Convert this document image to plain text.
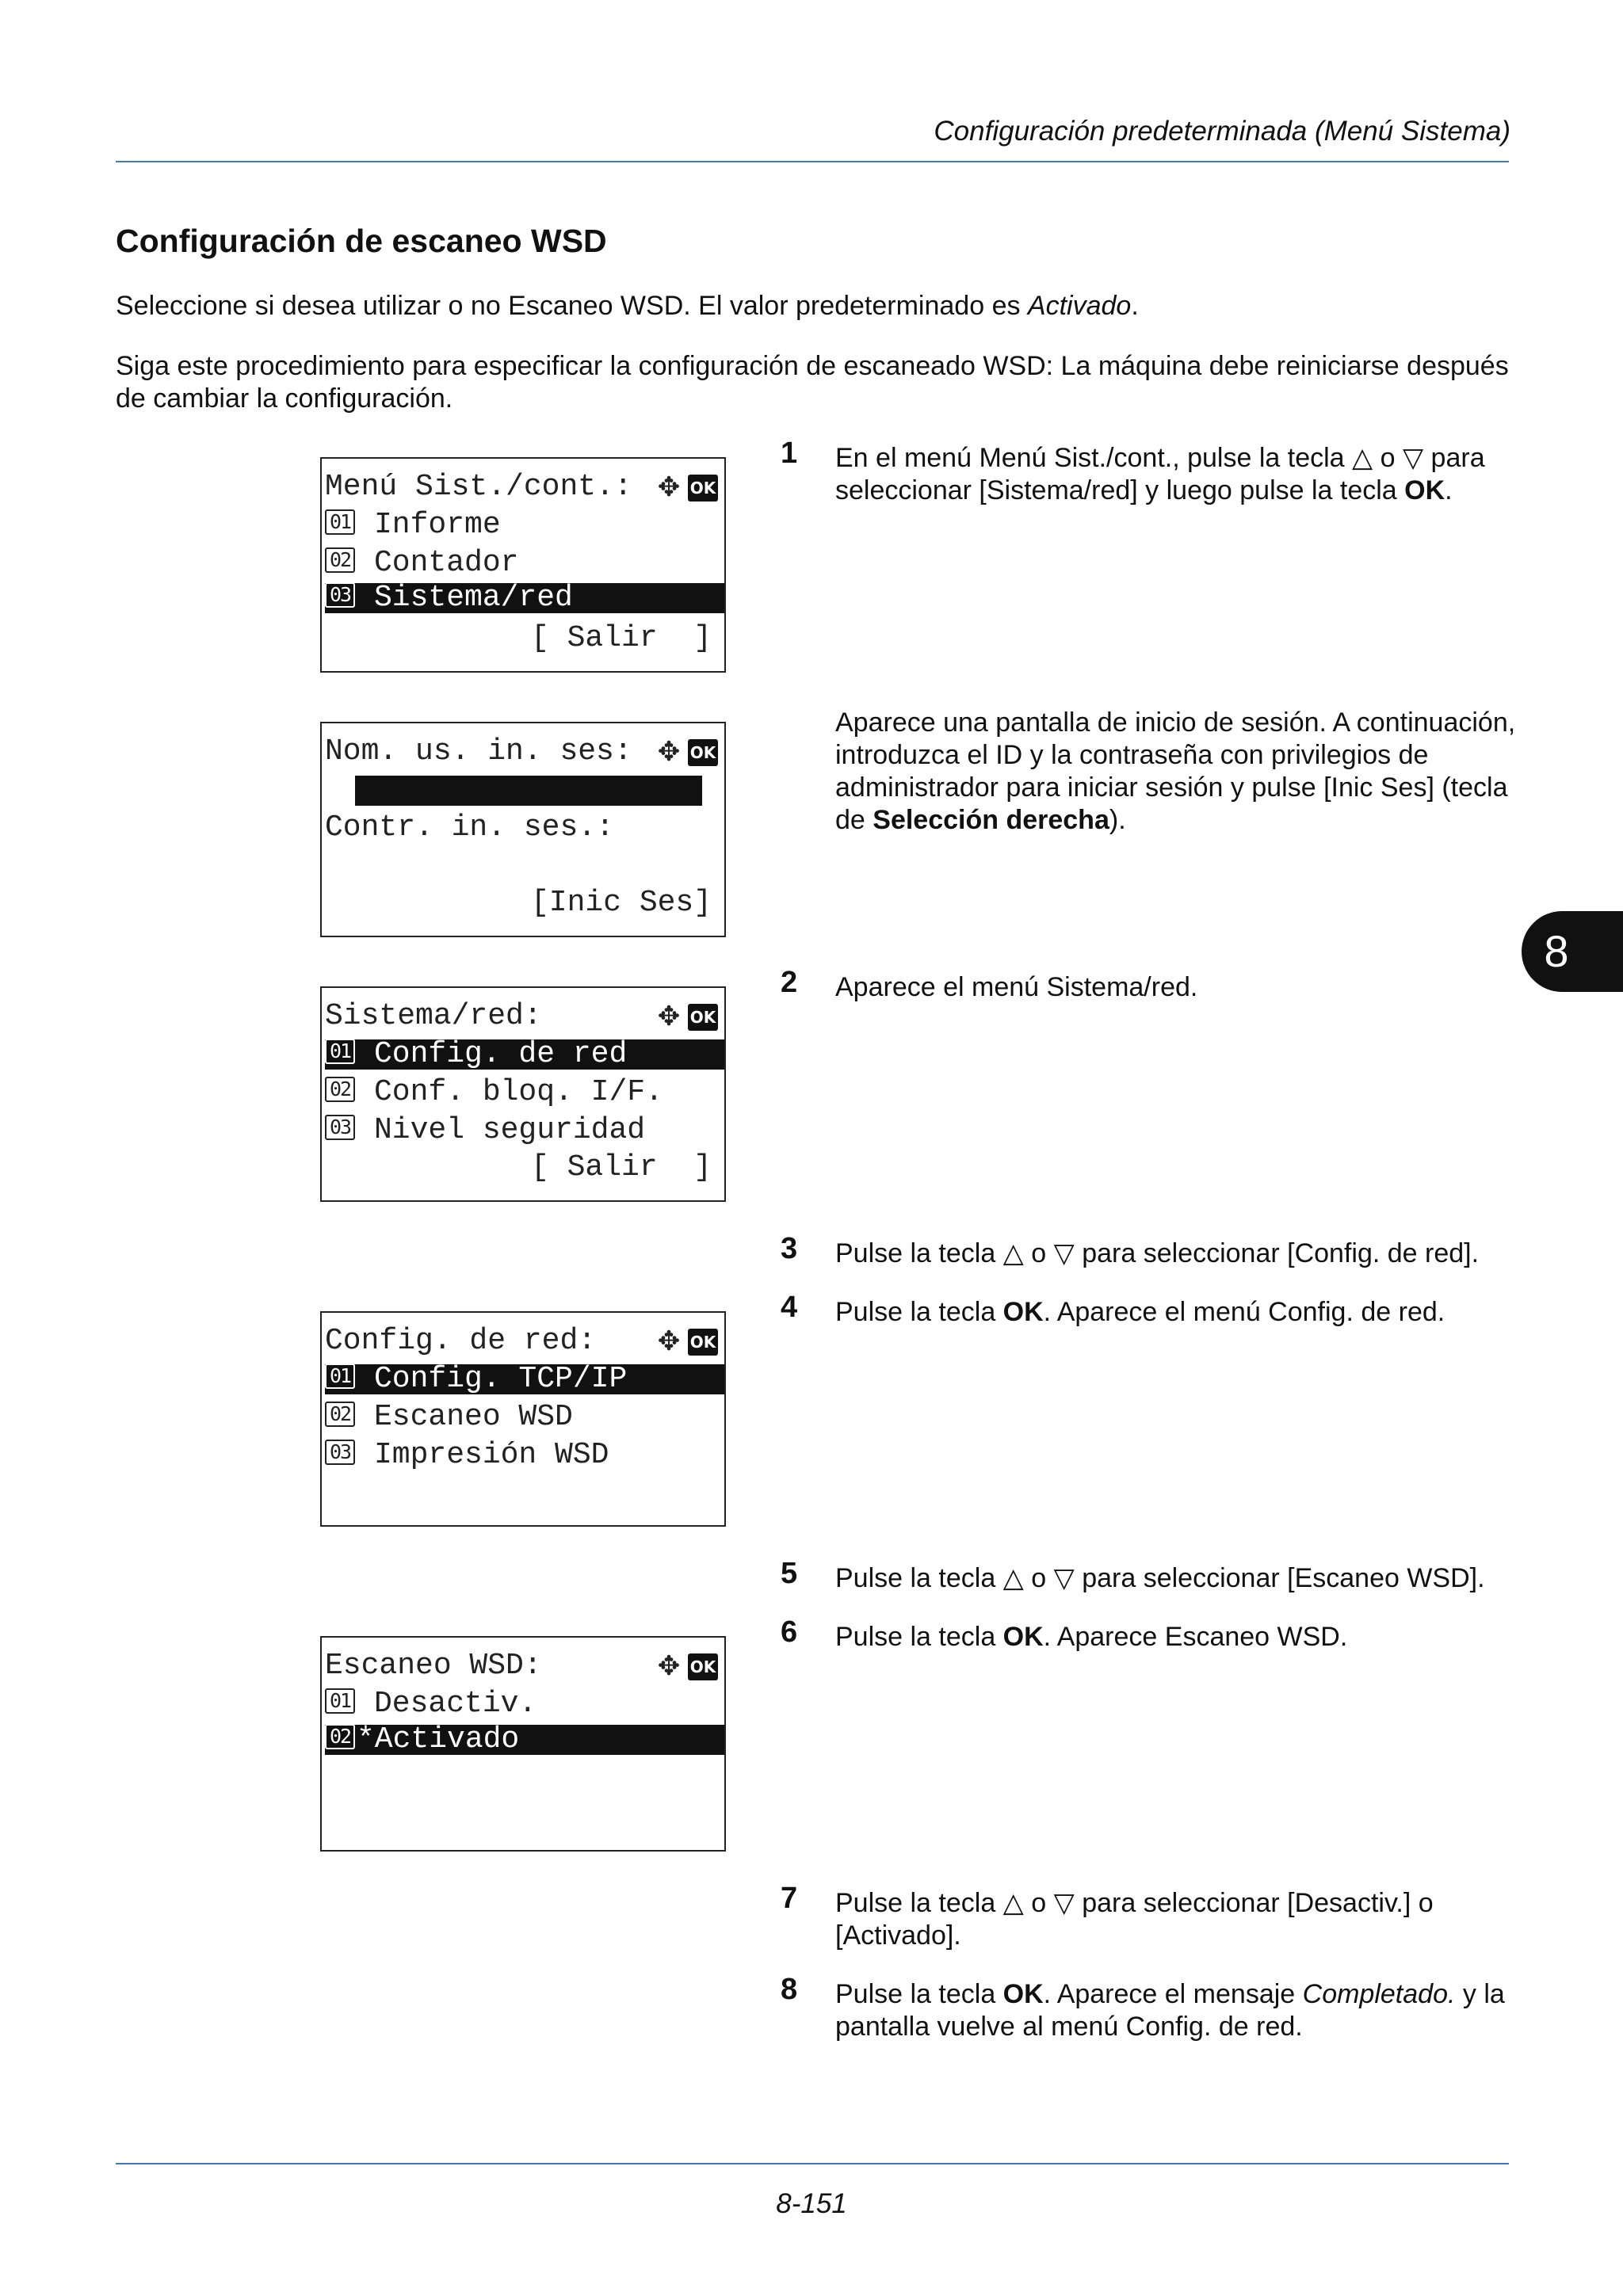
Configuración predeterminada (Menú Sistema)
Configuración de escaneo WSD

Seleccione si desea utilizar o no Escaneo WSD. El valor predeterminado es Activado.

Siga este procedimiento para especificar la configuración de escaneado WSD: La máquina debe reiniciarse después de cambiar la configuración.

Menú Sist./cont.: ✥ OK
01 Informe
02 Contador
03 Sistema/red
[ Salir  ]
Nom. us. in. ses: ✥ OK
Contr. in. ses.:
[Inic Ses]
Sistema/red:	✥ OK
01 Config. de red
02 Conf. bloq. I/F.
03 Nivel seguridad
[ Salir  ]
Config. de red:	✥ OK
01 Config. TCP/IP
02 Escaneo WSD
03 Impresión WSD
Escaneo WSD:	✥ OK
01 Desactiv.
02 *Activado
1 En el menú Menú Sist./cont., pulse la tecla △ o ▽ para seleccionar [Sistema/red] y luego pulse la tecla OK.
Aparece una pantalla de inicio de sesión. A continuación, introduzca el ID y la contraseña con privilegios de administrador para iniciar sesión y pulse [Inic Ses] (tecla de Selección derecha).
2 Aparece el menú Sistema/red.
3 Pulse la tecla △ o ▽ para seleccionar [Config. de red].
4 Pulse la tecla OK. Aparece el menú Config. de red.
5 Pulse la tecla △ o ▽ para seleccionar [Escaneo WSD].
6 Pulse la tecla OK. Aparece Escaneo WSD.
7 Pulse la tecla △ o ▽ para seleccionar [Desactiv.] o [Activado].
8 Pulse la tecla OK. Aparece el mensaje Completado. y la pantalla vuelve al menú Config. de red.
8
8-151
